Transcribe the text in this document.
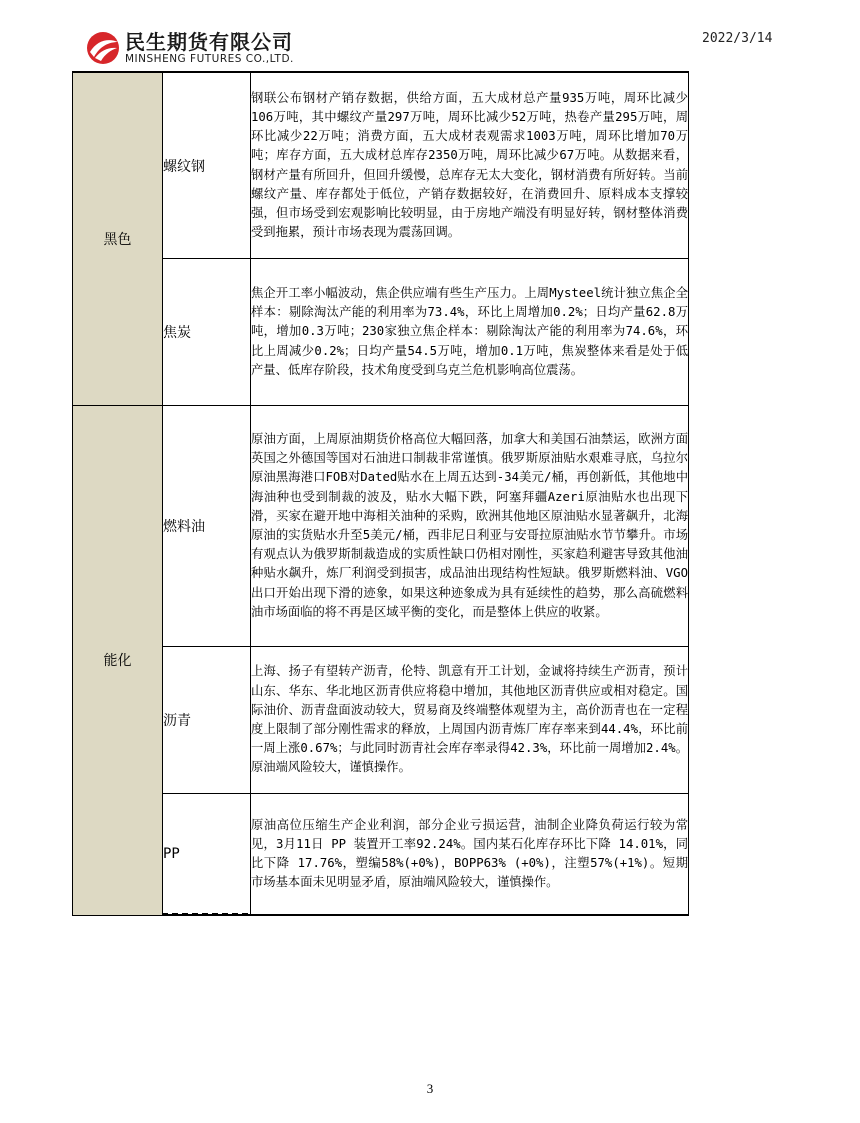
民生期货有限公司
MINSHENG FUTURES CO.,LTD.
2022/3/14
黑色	螺纹钢	钢联公布钢材产销存数据，供给方面，五大成材总产量935万吨，周环比减少106万吨，其中螺纹产量297万吨，周环比减少52万吨，热卷产量295万吨，周环比减少22万吨；消费方面，五大成材表观需求1003万吨，周环比增加70万吨；库存方面，五大成材总库存2350万吨，周环比减少67万吨。从数据来看，钢材产量有所回升，但回升缓慢，总库存无太大变化，钢材消费有所好转。当前螺纹产量、库存都处于低位，产销存数据较好，在消费回升、原料成本支撑较强，但市场受到宏观影响比较明显，由于房地产端没有明显好转，钢材整体消费受到拖累，预计市场表现为震荡回调。
	焦炭	焦企开工率小幅波动，焦企供应端有些生产压力。上周Mysteel统计独立焦企全样本：剔除淘汰产能的利用率为73.4%，环比上周增加0.2%；日均产量62.8万吨，增加0.3万吨；230家独立焦企样本：剔除淘汰产能的利用率为74.6%，环比上周减少0.2%；日均产量54.5万吨，增加0.1万吨，焦炭整体来看是处于低产量、低库存阶段，技术角度受到乌克兰危机影响高位震荡。
能化	燃料油	原油方面，上周原油期货价格高位大幅回落，加拿大和美国石油禁运，欧洲方面英国之外德国等国对石油进口制裁非常谨慎。俄罗斯原油贴水艰难寻底，乌拉尔原油黑海港口FOB对Dated贴水在上周五达到-34美元/桶，再创新低，其他地中海油种也受到制裁的波及，贴水大幅下跌，阿塞拜疆Azeri原油贴水也出现下滑，买家在避开地中海相关油种的采购，欧洲其他地区原油贴水显著飙升，北海原油的实货贴水升至5美元/桶，西非尼日利亚与安哥拉原油贴水节节攀升。市场有观点认为俄罗斯制裁造成的实质性缺口仍相对刚性，买家趋利避害导致其他油种贴水飙升，炼厂利润受到损害，成品油出现结构性短缺。俄罗斯燃料油、VGO出口开始出现下滑的迹象，如果这种迹象成为具有延续性的趋势，那么高硫燃料油市场面临的将不再是区域平衡的变化，而是整体上供应的收紧。
	沥青	上海、扬子有望转产沥青，伦特、凯意有开工计划，金诚将持续生产沥青，预计山东、华东、华北地区沥青供应将稳中增加，其他地区沥青供应或相对稳定。国际油价、沥青盘面波动较大，贸易商及终端整体观望为主，高价沥青也在一定程度上限制了部分刚性需求的释放，上周国内沥青炼厂库存率来到44.4%，环比前一周上涨0.67%；与此同时沥青社会库存率录得42.3%，环比前一周增加2.4%。原油端风险较大，谨慎操作。
	PP	原油高位压缩生产企业利润，部分企业亏损运营，油制企业降负荷运行较为常见，3月11日 PP 装置开工率92.24%。国内某石化库存环比下降 14.01%，同比下降 17.76%，塑编58%(+0%)，BOPP63% (+0%)，注塑57%(+1%)。短期市场基本面未见明显矛盾，原油端风险较大，谨慎操作。
3
